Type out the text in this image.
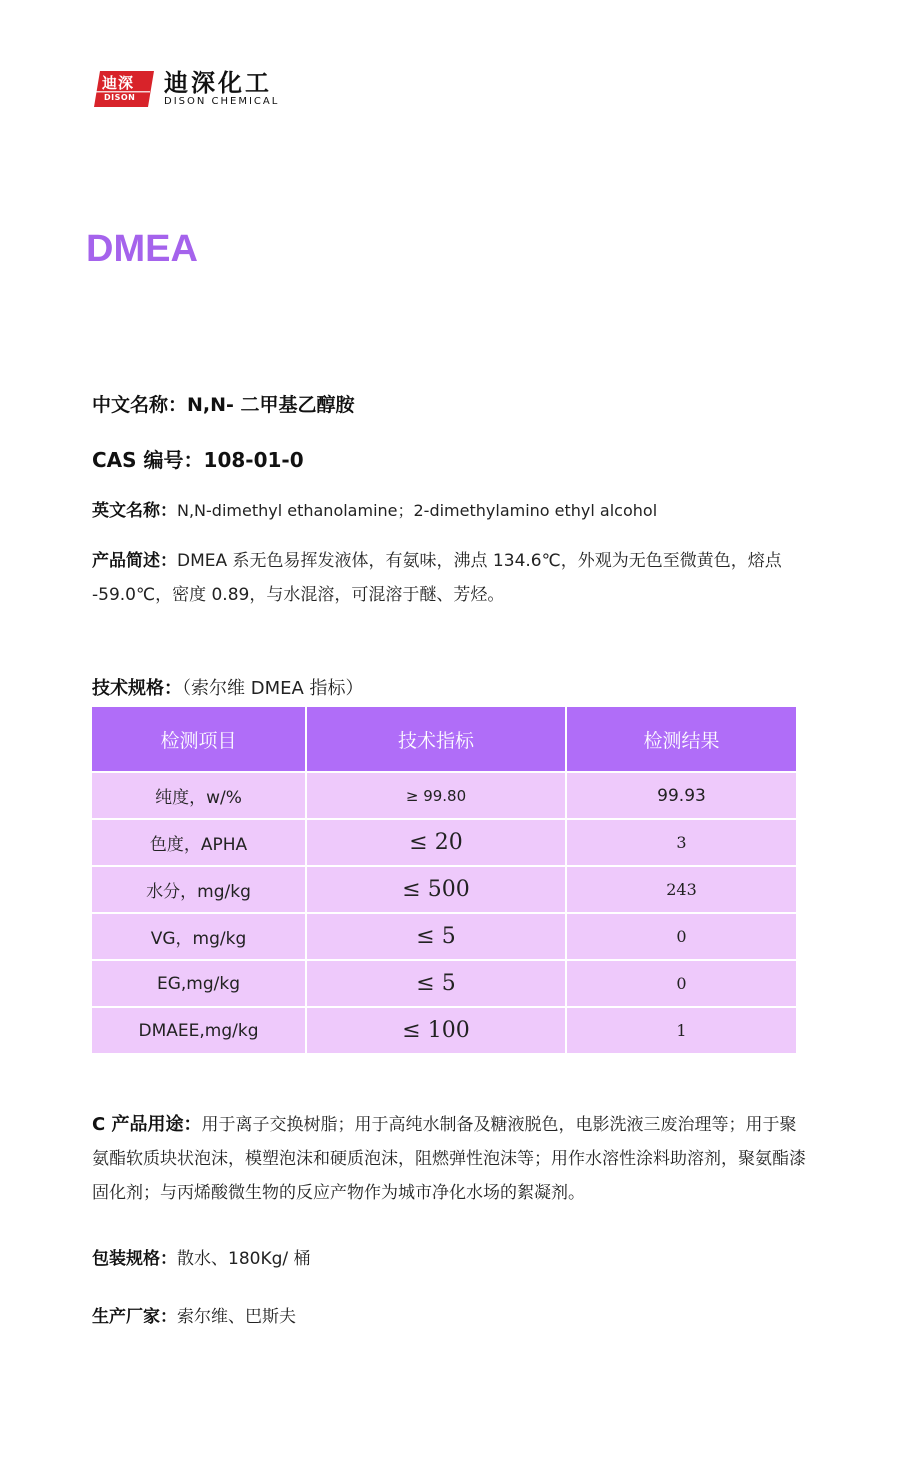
迪深
DISON
迪深化工
DISON CHEMICAL
DMEA
中文名称：N,N- 二甲基乙醇胺
CAS 编号：108-01-0
英文名称：N,N-dimethyl ethanolamine；2-dimethylamino ethyl alcohol
产品简述：DMEA 系无色易挥发液体，有氨味，沸点 134.6℃，外观为无色至微黄色，熔点 -59.0℃，密度 0.89，与水混溶，可混溶于醚、芳烃。
技术规格：（索尔维 DMEA 指标）
检测项目	技术指标	检测结果
纯度，w/%	≥ 99.80	99.93
色度，APHA	≤ 20	3
水分，mg/kg	≤ 500	243
VG，mg/kg	≤ 5	0
EG,mg/kg	≤ 5	0
DMAEE,mg/kg	≤ 100	1
C 产品用途：用于离子交换树脂；用于高纯水制备及糖液脱色，电影洗液三废治理等；用于聚氨酯软质块状泡沫，模塑泡沫和硬质泡沫，阻燃弹性泡沫等；用作水溶性涂料助溶剂，聚氨酯漆固化剂；与丙烯酸微生物的反应产物作为城市净化水场的絮凝剂。
包装规格：散水、180Kg/ 桶
生产厂家：索尔维、巴斯夫
